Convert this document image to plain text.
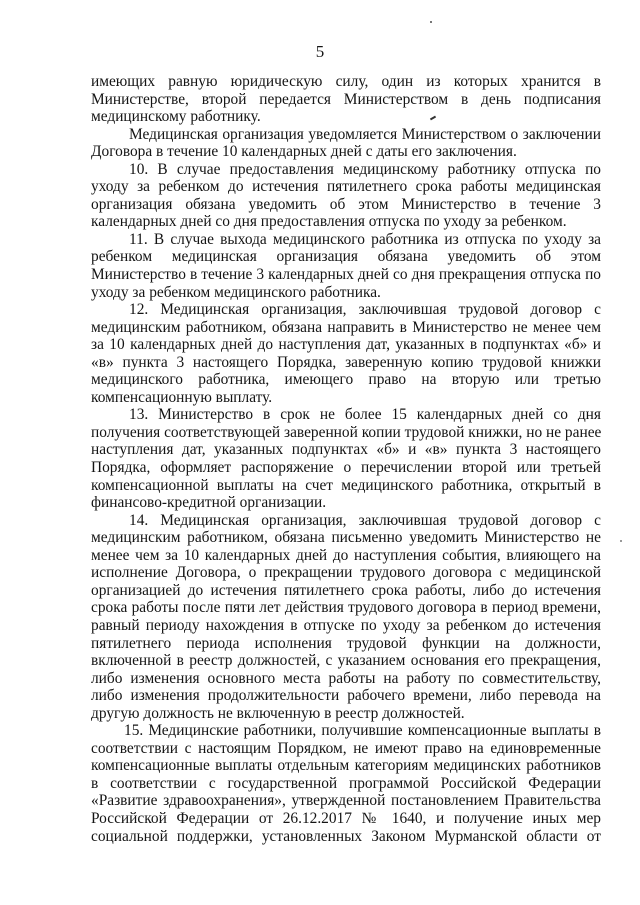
5
имеющих равную юридическую силу, один из которых хранится в
Министерстве, второй передается Министерством в день подписания
медицинскому работнику.
Медицинская организация уведомляется Министерством о заключении
Договора в течение 10 календарных дней с даты его заключения.
10. В случае предоставления медицинскому работнику отпуска по
уходу за ребенком до истечения пятилетнего срока работы медицинская
организация обязана уведомить об этом Министерство в течение 3
календарных дней со дня предоставления отпуска по уходу за ребенком.
11. В случае выхода медицинского работника из отпуска по уходу за
ребенком медицинская организация обязана уведомить об этом
Министерство в течение 3 календарных дней со дня прекращения отпуска по
уходу за ребенком медицинского работника.
12. Медицинская организация, заключившая трудовой договор с
медицинским работником, обязана направить в Министерство не менее чем
за 10 календарных дней до наступления дат, указанных в подпунктах «б» и
«в» пункта 3 настоящего Порядка, заверенную копию трудовой книжки
медицинского работника, имеющего право на вторую или третью
компенсационную выплату.
13. Министерство в срок не более 15 календарных дней со дня
получения соответствующей заверенной копии трудовой книжки, но не ранее
наступления дат, указанных подпунктах «б» и «в» пункта 3 настоящего
Порядка, оформляет распоряжение о перечислении второй или третьей
компенсационной выплаты на счет медицинского работника, открытый в
финансово-кредитной организации.
14. Медицинская организация, заключившая трудовой договор с
медицинским работником, обязана письменно уведомить Министерство не
менее чем за 10 календарных дней до наступления события, влияющего на
исполнение Договора, о прекращении трудового договора с медицинской
организацией до истечения пятилетнего срока работы, либо до истечения
срока работы после пяти лет действия трудового договора в период времени,
равный периоду нахождения в отпуске по уходу за ребенком до истечения
пятилетнего периода исполнения трудовой функции на должности,
включенной в реестр должностей, с указанием основания его прекращения,
либо изменения основного места работы на работу по совместительству,
либо изменения продолжительности рабочего времени, либо перевода на
другую должность не включенную в реестр должностей.
15. Медицинские работники, получившие компенсационные выплаты в
соответствии с настоящим Порядком, не имеют право на единовременные
компенсационные выплаты отдельным категориям медицинских работников
в соответствии с государственной программой Российской Федерации
«Развитие здравоохранения», утвержденной постановлением Правительства
Российской Федерации от 26.12.2017 № 1640, и получение иных мер
социальной поддержки, установленных Законом Мурманской области от
